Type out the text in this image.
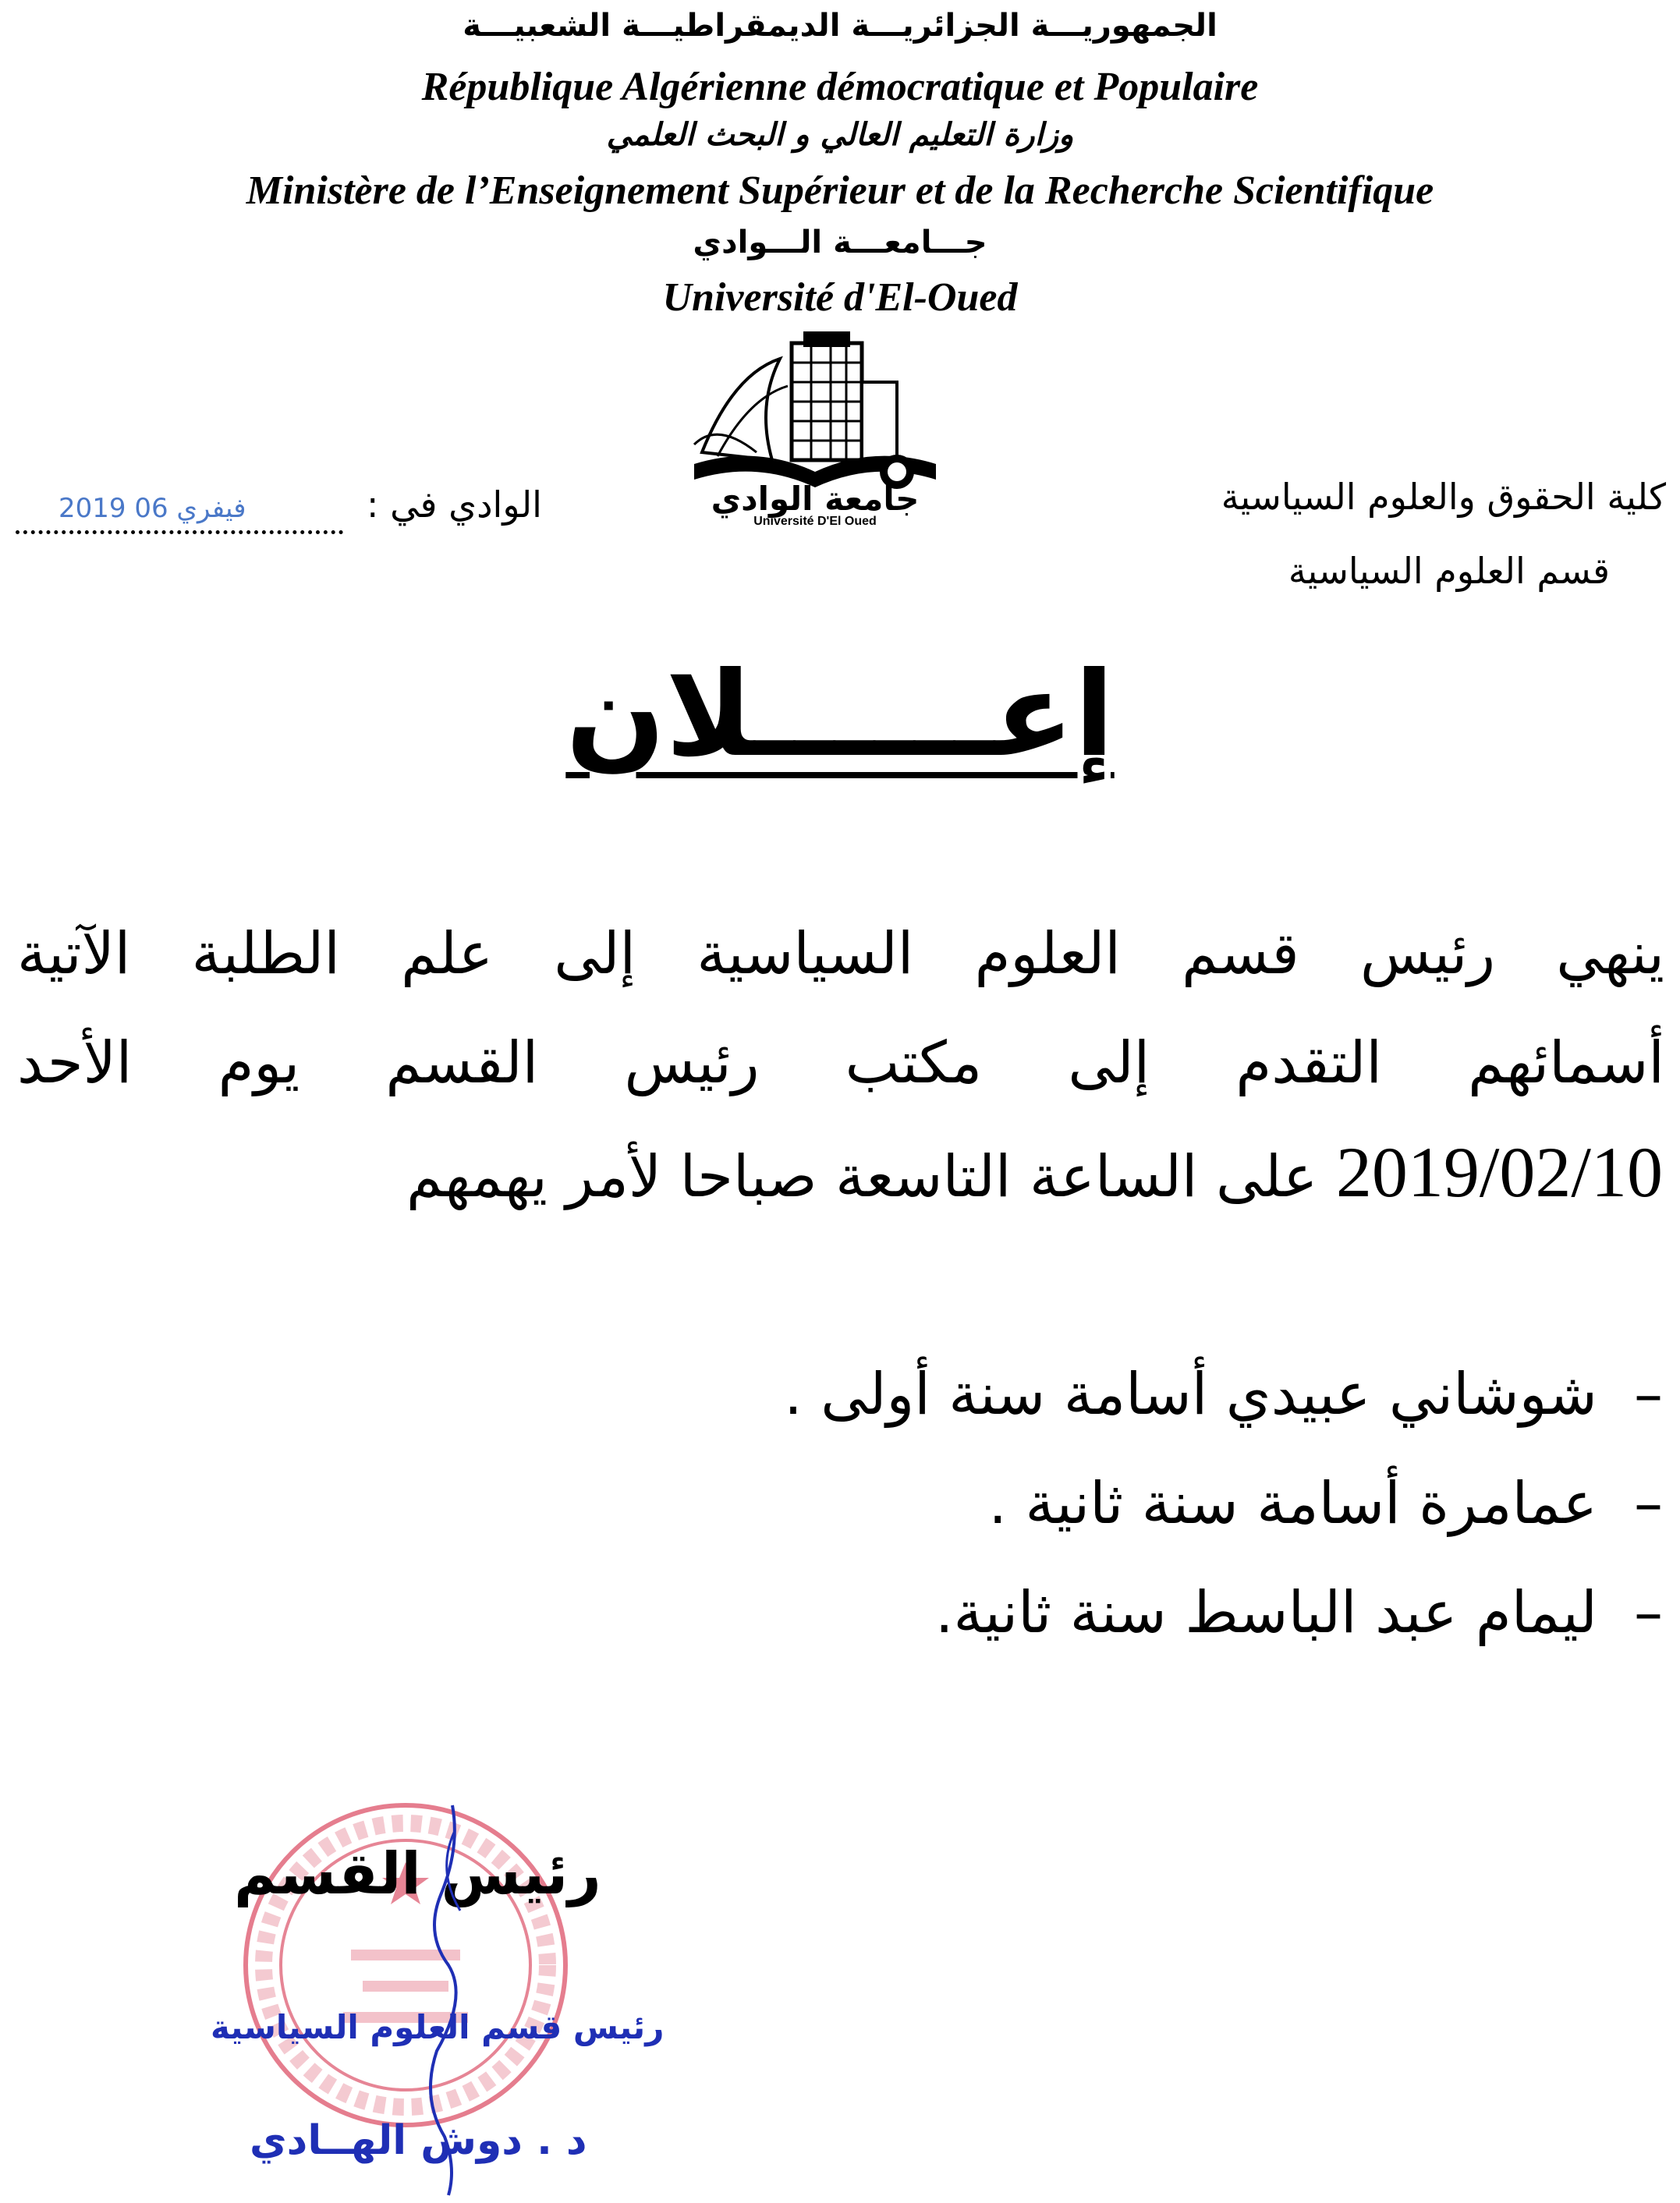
الجمهوريـــة الجزائريـــة الديمقراطيـــة الشعبيـــة
République Algérienne démocratique et Populaire
وزارة التعليم العالي و البحث العلمي
Ministère de l’Enseignement Supérieur et de la Recherche Scientifique
جـــامعـــة الـــوادي
Université d'El-Oued
جامعة الوادي
Université D'El Oued
كلية الحقوق والعلوم السياسية
قسم العلوم السياسية
الوادي في :
2019 فيفري 06
إعــــــلان
ينهي رئيس قسم العلوم السياسية إلى علم الطلبة الآتية
أسمائهم التقدم إلى مكتب رئيس القسم يوم الأحد
2019/02/10 على الساعة التاسعة صباحا لأمر يهمهم
–  شوشاني عبيدي أسامة سنة أولى .
–  عمامرة أسامة سنة ثانية .
–  ليمام عبد الباسط سنة ثانية.
رئيس القسم
رئيس قسم العلوم السياسية
د . دوش الهــادي
